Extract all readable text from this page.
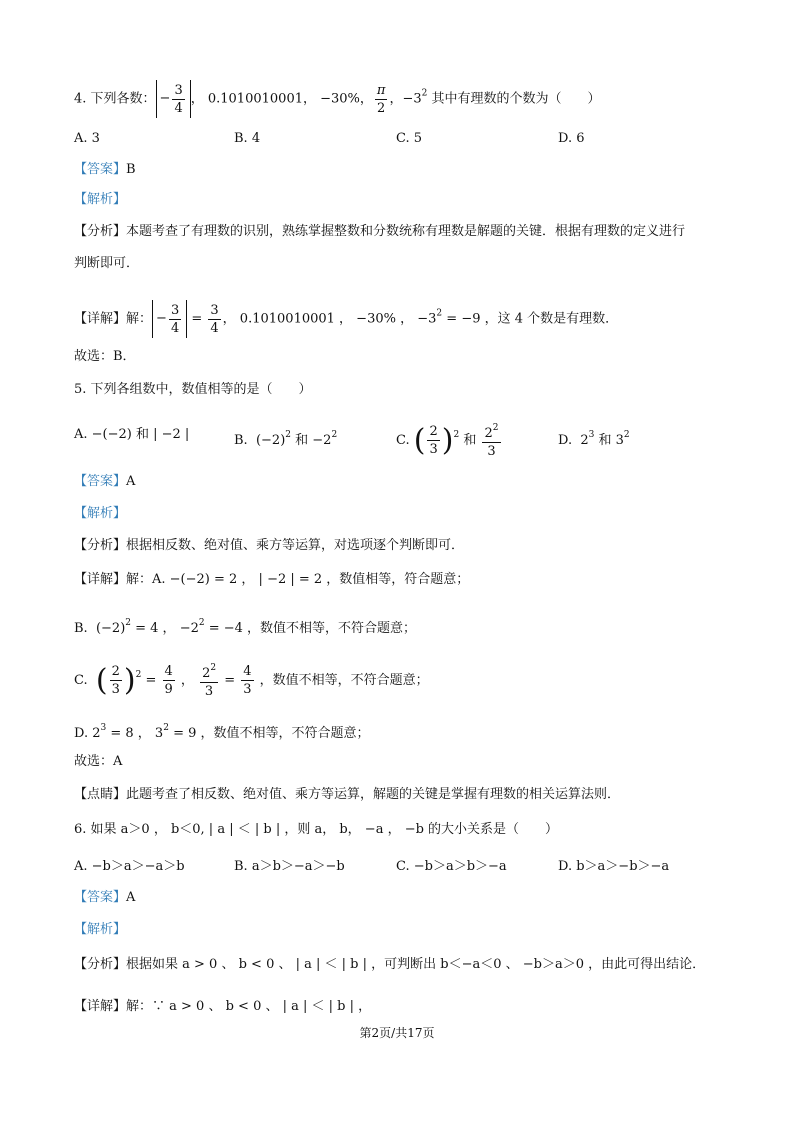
4. 下列各数： − $\frac{3}{4}$ ， 0.1010010001， −30%， $\frac{\pi}{2}$ ，$-3^2$ 其中有理数的个数为（　　）
A. 3	B. 4	C. 5	D. 6
【答案】B
【解析】
【分析】本题考查了有理数的识别，熟练掌握整数和分数统称有理数是解题的关键．根据有理数的定义进行
判断即可．
【详解】解： − $\frac{3}{4} = \frac{3}{4}$ ， 0.1010010001 ， −30% ， $-3^2 = -9$ ，这 4 个数是有理数．
故选：B．
5. 下列各组数中，数值相等的是（　　）
A. −(−2) 和 | −2 |	B. $(-2)^2$ 和 $-2^2$	C. ( $\frac{2}{3}$ ) $^2$ 和 $\frac{2^2}{3}$	D. $2^3$ 和 $3^2$
【答案】A
【解析】
【分析】根据相反数、绝对值、乘方等运算，对选项逐个判断即可．
【详解】解：A. −(−2) = 2 ， | −2 | = 2 ，数值相等，符合题意；
B. $(-2)^2 = 4$ ， $-2^2 = -4$ ，数值不相等，不符合题意；
C. ( $\frac{2}{3}$ ) $^2 = \frac{4}{9}$ ， $\frac{2^2}{3} = \frac{4}{3}$ ，数值不相等，不符合题意；
D. $2^3 = 8$ ， $3^2 = 9$ ，数值不相等，不符合题意；
故选：A
【点睛】此题考查了相反数、绝对值、乘方等运算，解题的关键是掌握有理数的相关运算法则．
6. 如果 a＞0 ， b＜0, | a | ＜ | b | ，则 a， b， −a ， −b 的大小关系是（　　）
A. −b＞a＞−a＞b	B. a＞b＞−a＞−b	C. −b＞a＞b＞−a	D. b＞a＞−b＞−a
【答案】A
【解析】
【分析】根据如果 a > 0 、 b < 0 、 | a | ＜ | b | ，可判断出 b＜−a＜0 、 −b＞a＞0 ，由此可得出结论．
【详解】解：∵ a > 0 、 b < 0 、 | a | ＜ | b | ，
第2页/共17页
